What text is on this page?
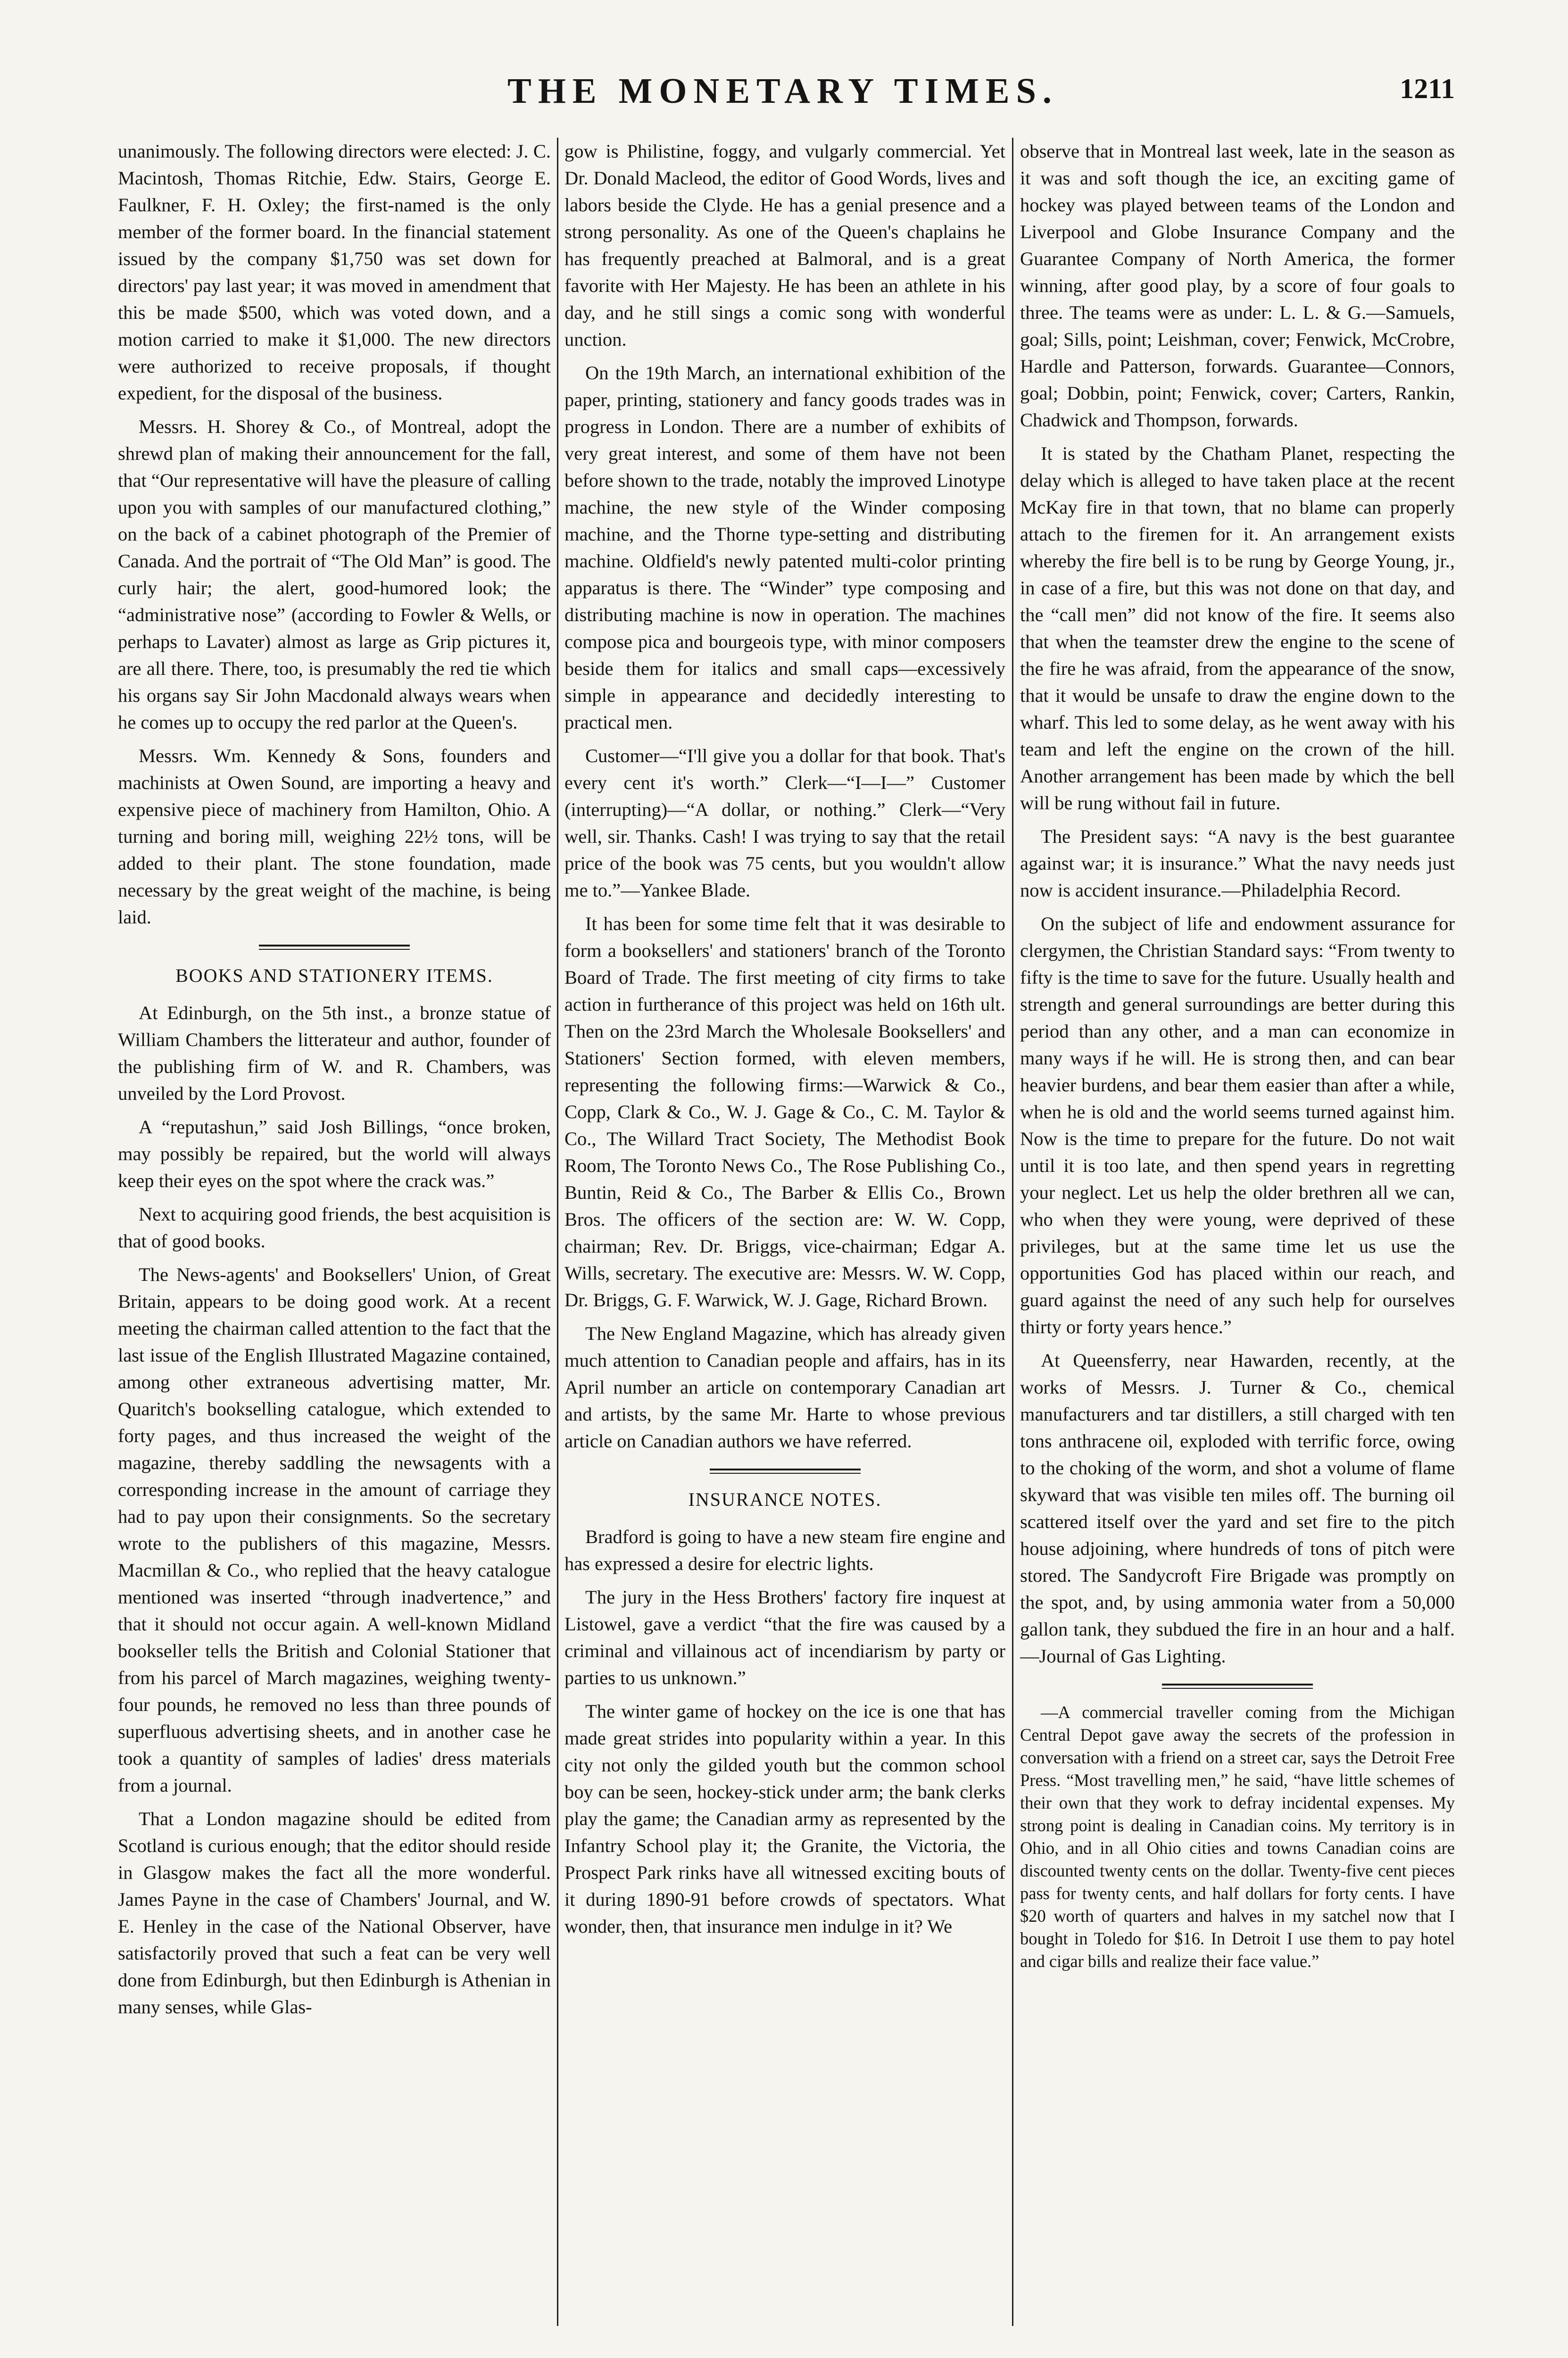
THE MONETARY TIMES.	1211

unanimously. The following directors were elected: J. C. Macintosh, Thomas Ritchie, Edw. Stairs, George E. Faulkner, F. H. Oxley; the first-named is the only member of the former board. In the financial statement issued by the company $1,750 was set down for directors' pay last year; it was moved in amendment that this be made $500, which was voted down, and a motion carried to make it $1,000. The new directors were authorized to receive proposals, if thought expedient, for the disposal of the business.

Messrs. H. Shorey & Co., of Montreal, adopt the shrewd plan of making their announcement for the fall, that “Our representative will have the pleasure of calling upon you with samples of our manufactured clothing,” on the back of a cabinet photograph of the Premier of Canada. And the portrait of “The Old Man” is good. The curly hair; the alert, good-humored look; the “administrative nose” (according to Fowler & Wells, or perhaps to Lavater) almost as large as Grip pictures it, are all there. There, too, is presumably the red tie which his organs say Sir John Macdonald always wears when he comes up to occupy the red parlor at the Queen's.

Messrs. Wm. Kennedy & Sons, founders and machinists at Owen Sound, are importing a heavy and expensive piece of machinery from Hamilton, Ohio. A turning and boring mill, weighing 22½ tons, will be added to their plant. The stone foundation, made necessary by the great weight of the machine, is being laid.

BOOKS AND STATIONERY ITEMS.

At Edinburgh, on the 5th inst., a bronze statue of William Chambers the litterateur and author, founder of the publishing firm of W. and R. Chambers, was unveiled by the Lord Provost.

A “reputashun,” said Josh Billings, “once broken, may possibly be repaired, but the world will always keep their eyes on the spot where the crack was.”

Next to acquiring good friends, the best acquisition is that of good books.

The News-agents' and Booksellers' Union, of Great Britain, appears to be doing good work. At a recent meeting the chairman called attention to the fact that the last issue of the English Illustrated Magazine contained, among other extraneous advertising matter, Mr. Quaritch's bookselling catalogue, which extended to forty pages, and thus increased the weight of the magazine, thereby saddling the newsagents with a corresponding increase in the amount of carriage they had to pay upon their consignments. So the secretary wrote to the publishers of this magazine, Messrs. Macmillan & Co., who replied that the heavy catalogue mentioned was inserted “through inadvertence,” and that it should not occur again. A well-known Midland bookseller tells the British and Colonial Stationer that from his parcel of March magazines, weighing twenty-four pounds, he removed no less than three pounds of superfluous advertising sheets, and in another case he took a quantity of samples of ladies' dress materials from a journal.

That a London magazine should be edited from Scotland is curious enough; that the editor should reside in Glasgow makes the fact all the more wonderful. James Payne in the case of Chambers' Journal, and W. E. Henley in the case of the National Observer, have satisfactorily proved that such a feat can be very well done from Edinburgh, but then Edinburgh is Athenian in many senses, while Glas-

gow is Philistine, foggy, and vulgarly commercial. Yet Dr. Donald Macleod, the editor of Good Words, lives and labors beside the Clyde. He has a genial presence and a strong personality. As one of the Queen's chaplains he has frequently preached at Balmoral, and is a great favorite with Her Majesty. He has been an athlete in his day, and he still sings a comic song with wonderful unction.

On the 19th March, an international exhibition of the paper, printing, stationery and fancy goods trades was in progress in London. There are a number of exhibits of very great interest, and some of them have not been before shown to the trade, notably the improved Linotype machine, the new style of the Winder composing machine, and the Thorne type-setting and distributing machine. Oldfield's newly patented multi-color printing apparatus is there. The “Winder” type composing and distributing machine is now in operation. The machines compose pica and bourgeois type, with minor composers beside them for italics and small caps—excessively simple in appearance and decidedly interesting to practical men.

Customer—“I'll give you a dollar for that book. That's every cent it's worth.” Clerk—“I—I—” Customer (interrupting)—“A dollar, or nothing.” Clerk—“Very well, sir. Thanks. Cash! I was trying to say that the retail price of the book was 75 cents, but you wouldn't allow me to.”—Yankee Blade.

It has been for some time felt that it was desirable to form a booksellers' and stationers' branch of the Toronto Board of Trade. The first meeting of city firms to take action in furtherance of this project was held on 16th ult. Then on the 23rd March the Wholesale Booksellers' and Stationers' Section formed, with eleven members, representing the following firms:—Warwick & Co., Copp, Clark & Co., W. J. Gage & Co., C. M. Taylor & Co., The Willard Tract Society, The Methodist Book Room, The Toronto News Co., The Rose Publishing Co., Buntin, Reid & Co., The Barber & Ellis Co., Brown Bros. The officers of the section are: W. W. Copp, chairman; Rev. Dr. Briggs, vice-chairman; Edgar A. Wills, secretary. The executive are: Messrs. W. W. Copp, Dr. Briggs, G. F. Warwick, W. J. Gage, Richard Brown.

The New England Magazine, which has already given much attention to Canadian people and affairs, has in its April number an article on contemporary Canadian art and artists, by the same Mr. Harte to whose previous article on Canadian authors we have referred.

INSURANCE NOTES.

Bradford is going to have a new steam fire engine and has expressed a desire for electric lights.

The jury in the Hess Brothers' factory fire inquest at Listowel, gave a verdict “that the fire was caused by a criminal and villainous act of incendiarism by party or parties to us unknown.”

The winter game of hockey on the ice is one that has made great strides into popularity within a year. In this city not only the gilded youth but the common school boy can be seen, hockey-stick under arm; the bank clerks play the game; the Canadian army as represented by the Infantry School play it; the Granite, the Victoria, the Prospect Park rinks have all witnessed exciting bouts of it during 1890-91 before crowds of spectators. What wonder, then, that insurance men indulge in it? We

observe that in Montreal last week, late in the season as it was and soft though the ice, an exciting game of hockey was played between teams of the London and Liverpool and Globe Insurance Company and the Guarantee Company of North America, the former winning, after good play, by a score of four goals to three. The teams were as under: L. L. & G.—Samuels, goal; Sills, point; Leishman, cover; Fenwick, McCrobre, Hardle and Patterson, forwards. Guarantee—Connors, goal; Dobbin, point; Fenwick, cover; Carters, Rankin, Chadwick and Thompson, forwards.

It is stated by the Chatham Planet, respecting the delay which is alleged to have taken place at the recent McKay fire in that town, that no blame can properly attach to the firemen for it. An arrangement exists whereby the fire bell is to be rung by George Young, jr., in case of a fire, but this was not done on that day, and the “call men” did not know of the fire. It seems also that when the teamster drew the engine to the scene of the fire he was afraid, from the appearance of the snow, that it would be unsafe to draw the engine down to the wharf. This led to some delay, as he went away with his team and left the engine on the crown of the hill. Another arrangement has been made by which the bell will be rung without fail in future.

The President says: “A navy is the best guarantee against war; it is insurance.” What the navy needs just now is accident insurance.—Philadelphia Record.

On the subject of life and endowment assurance for clergymen, the Christian Standard says: “From twenty to fifty is the time to save for the future. Usually health and strength and general surroundings are better during this period than any other, and a man can economize in many ways if he will. He is strong then, and can bear heavier burdens, and bear them easier than after a while, when he is old and the world seems turned against him. Now is the time to prepare for the future. Do not wait until it is too late, and then spend years in regretting your neglect. Let us help the older brethren all we can, who when they were young, were deprived of these privileges, but at the same time let us use the opportunities God has placed within our reach, and guard against the need of any such help for ourselves thirty or forty years hence.”

At Queensferry, near Hawarden, recently, at the works of Messrs. J. Turner & Co., chemical manufacturers and tar distillers, a still charged with ten tons anthracene oil, exploded with terrific force, owing to the choking of the worm, and shot a volume of flame skyward that was visible ten miles off. The burning oil scattered itself over the yard and set fire to the pitch house adjoining, where hundreds of tons of pitch were stored. The Sandycroft Fire Brigade was promptly on the spot, and, by using ammonia water from a 50,000 gallon tank, they subdued the fire in an hour and a half.—Journal of Gas Lighting.

—A commercial traveller coming from the Michigan Central Depot gave away the secrets of the profession in conversation with a friend on a street car, says the Detroit Free Press. “Most travelling men,” he said, “have little schemes of their own that they work to defray incidental expenses. My strong point is dealing in Canadian coins. My territory is in Ohio, and in all Ohio cities and towns Canadian coins are discounted twenty cents on the dollar. Twenty-five cent pieces pass for twenty cents, and half dollars for forty cents. I have $20 worth of quarters and halves in my satchel now that I bought in Toledo for $16. In Detroit I use them to pay hotel and cigar bills and realize their face value.”
